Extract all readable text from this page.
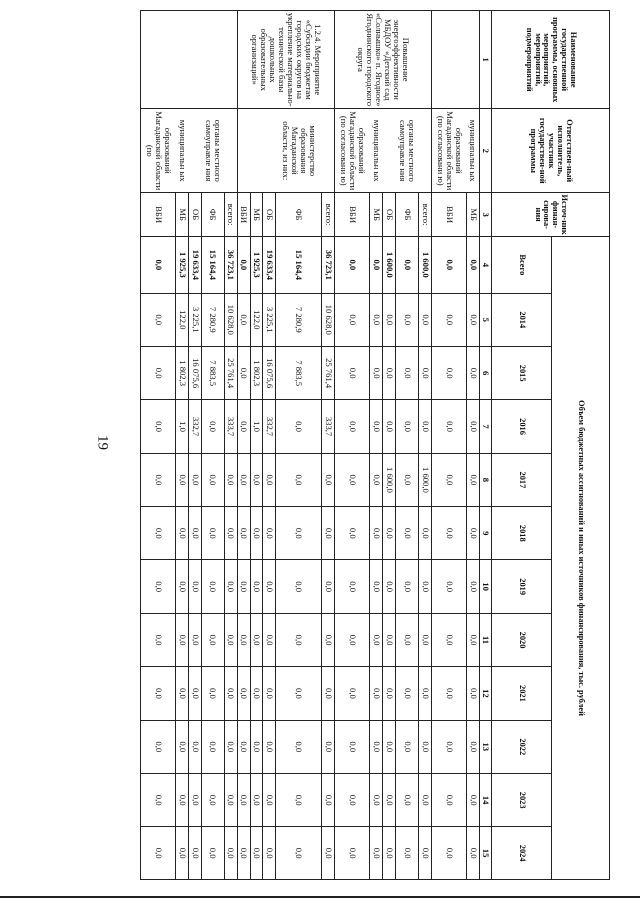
19
Наименование государственной программы, основных мероприятий, мероприятий, подмероприятий	Ответствен-ный исполнитель, участник государствен-ной программы	Источ-ник финан-сирова-ния	Объем бюджетных ассигнований и иных источников финансирования, тыс. рублей											
			Всего	2014	2015	2016	2017	2018	2019	2020	2021	2022	2023	2024
1	2	3	4	5	6	7	8	9	10	11	12	13	14	15
	муниципальн ых	МБ	0,0	0,0	0,0	0,0	0,0	0,0	0,0	0,0	0,0	0,0	0,0	0,0
	образований Магаданской области (по согласовани ю)	ВБИ	0,0	0,0	0,0	0,0	0,0	0,0	0,0	0,0	0,0	0,0	0,0	0,0
Повышение энергоэффективности МБДОУ «Детский сад «Солнышко» п. Ягодное» Ягоднинского городского округа		всего:	1 600,0	0,0	0,0	0,0	1 600,0	0,0	0,0	0,0	0,0	0,0	0,0	0,0
	органы местного самоуправле ния	ФБ	0,0	0,0	0,0	0,0	0,0	0,0	0,0	0,0	0,0	0,0	0,0	0,0
		ОБ	1 600,0	0,0	0,0	0,0	1 600,0	0,0	0,0	0,0	0,0	0,0	0,0	0,0
	муниципальн ых	МБ	0,0	0,0	0,0	0,0	0,0	0,0	0,0	0,0	0,0	0,0	0,0	0,0
	образований Магаданской области (по согласовани ю)	ВБИ	0,0	0,0	0,0	0,0	0,0	0,0	0,0	0,0	0,0	0,0	0,0	0,0
1.2.4. Мероприятие «Субсидии бюджетам городских округов на укрепление материально-технической базы дошкольных образовательных организаций»		всего:	36 723,1	10 628,0	25 761,4	333,7	0,0	0,0	0,0	0,0	0,0	0,0	0,0	0,0
	министерство образования Магаданской области, из них:	ФБ	15 164,4	7 280,9	7 883,5	0,0	0,0	0,0	0,0	0,0	0,0	0,0	0,0	0,0
		ОБ	19 633,4	3 225,1	16 075,6	332,7	0,0	0,0	0,0	0,0	0,0	0,0	0,0	0,0
		МБ	1 925,3	122,0	1 802,3	1,0	0,0	0,0	0,0	0,0	0,0	0,0	0,0	0,0
		ВБИ	0,0	0,0	0,0	0,0	0,0	0,0	0,0	0,0	0,0	0,0	0,0	0,0
		всего:	36 723,1	10 628,0	25 761,4	333,7	0,0	0,0	0,0	0,0	0,0	0,0	0,0	0,0
	органы местного самоуправле ния	ФБ	15 164,4	7 280,9	7 883,5	0,0	0,0	0,0	0,0	0,0	0,0	0,0	0,0	0,0
		ОБ	19 633,4	3 225,1	16 075,6	332,7	0,0	0,0	0,0	0,0	0,0	0,0	0,0	0,0
	муниципальн ых	МБ	1 925,3	122,0	1 802,3	1,0	0,0	0,0	0,0	0,0	0,0	0,0	0,0	0,0
	образований Магаданской области (по	ВБИ	0,0	0,0	0,0	0,0	0,0	0,0	0,0	0,0	0,0	0,0	0,0	0,0
